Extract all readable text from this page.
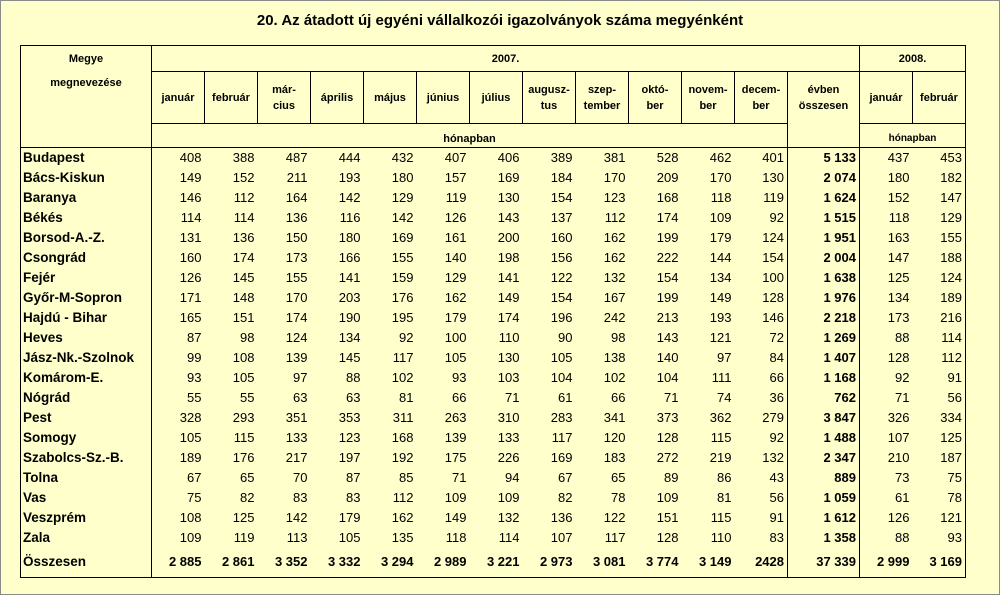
20. Az átadott új egyéni vállalkozói igazolványok száma megyénként
Megye
megnevezése	2007.													2008.	
	január	február	már-
cius	április	május	június	július	augusz-
tus	szep-
tember	októ-
ber	novem-
ber	decem-
ber	évben
összesen	január	február
	hónapban													hónapban	
Budapest	408	388	487	444	432	407	406	389	381	528	462	401	5 133	437	453
Bács-Kiskun	149	152	211	193	180	157	169	184	170	209	170	130	2 074	180	182
Baranya	146	112	164	142	129	119	130	154	123	168	118	119	1 624	152	147
Békés	114	114	136	116	142	126	143	137	112	174	109	92	1 515	118	129
Borsod-A.-Z.	131	136	150	180	169	161	200	160	162	199	179	124	1 951	163	155
Csongrád	160	174	173	166	155	140	198	156	162	222	144	154	2 004	147	188
Fejér	126	145	155	141	159	129	141	122	132	154	134	100	1 638	125	124
Győr-M-Sopron	171	148	170	203	176	162	149	154	167	199	149	128	1 976	134	189
Hajdú - Bihar	165	151	174	190	195	179	174	196	242	213	193	146	2 218	173	216
Heves	87	98	124	134	92	100	110	90	98	143	121	72	1 269	88	114
Jász-Nk.-Szolnok	99	108	139	145	117	105	130	105	138	140	97	84	1 407	128	112
Komárom-E.	93	105	97	88	102	93	103	104	102	104	111	66	1 168	92	91
Nógrád	55	55	63	63	81	66	71	61	66	71	74	36	762	71	56
Pest	328	293	351	353	311	263	310	283	341	373	362	279	3 847	326	334
Somogy	105	115	133	123	168	139	133	117	120	128	115	92	1 488	107	125
Szabolcs-Sz.-B.	189	176	217	197	192	175	226	169	183	272	219	132	2 347	210	187
Tolna	67	65	70	87	85	71	94	67	65	89	86	43	889	73	75
Vas	75	82	83	83	112	109	109	82	78	109	81	56	1 059	61	78
Veszprém	108	125	142	179	162	149	132	136	122	151	115	91	1 612	126	121
Zala	109	119	113	105	135	118	114	107	117	128	110	83	1 358	88	93
Összesen	2 885	2 861	3 352	3 332	3 294	2 989	3 221	2 973	3 081	3 774	3 149	2428	37 339	2 999	3 169
